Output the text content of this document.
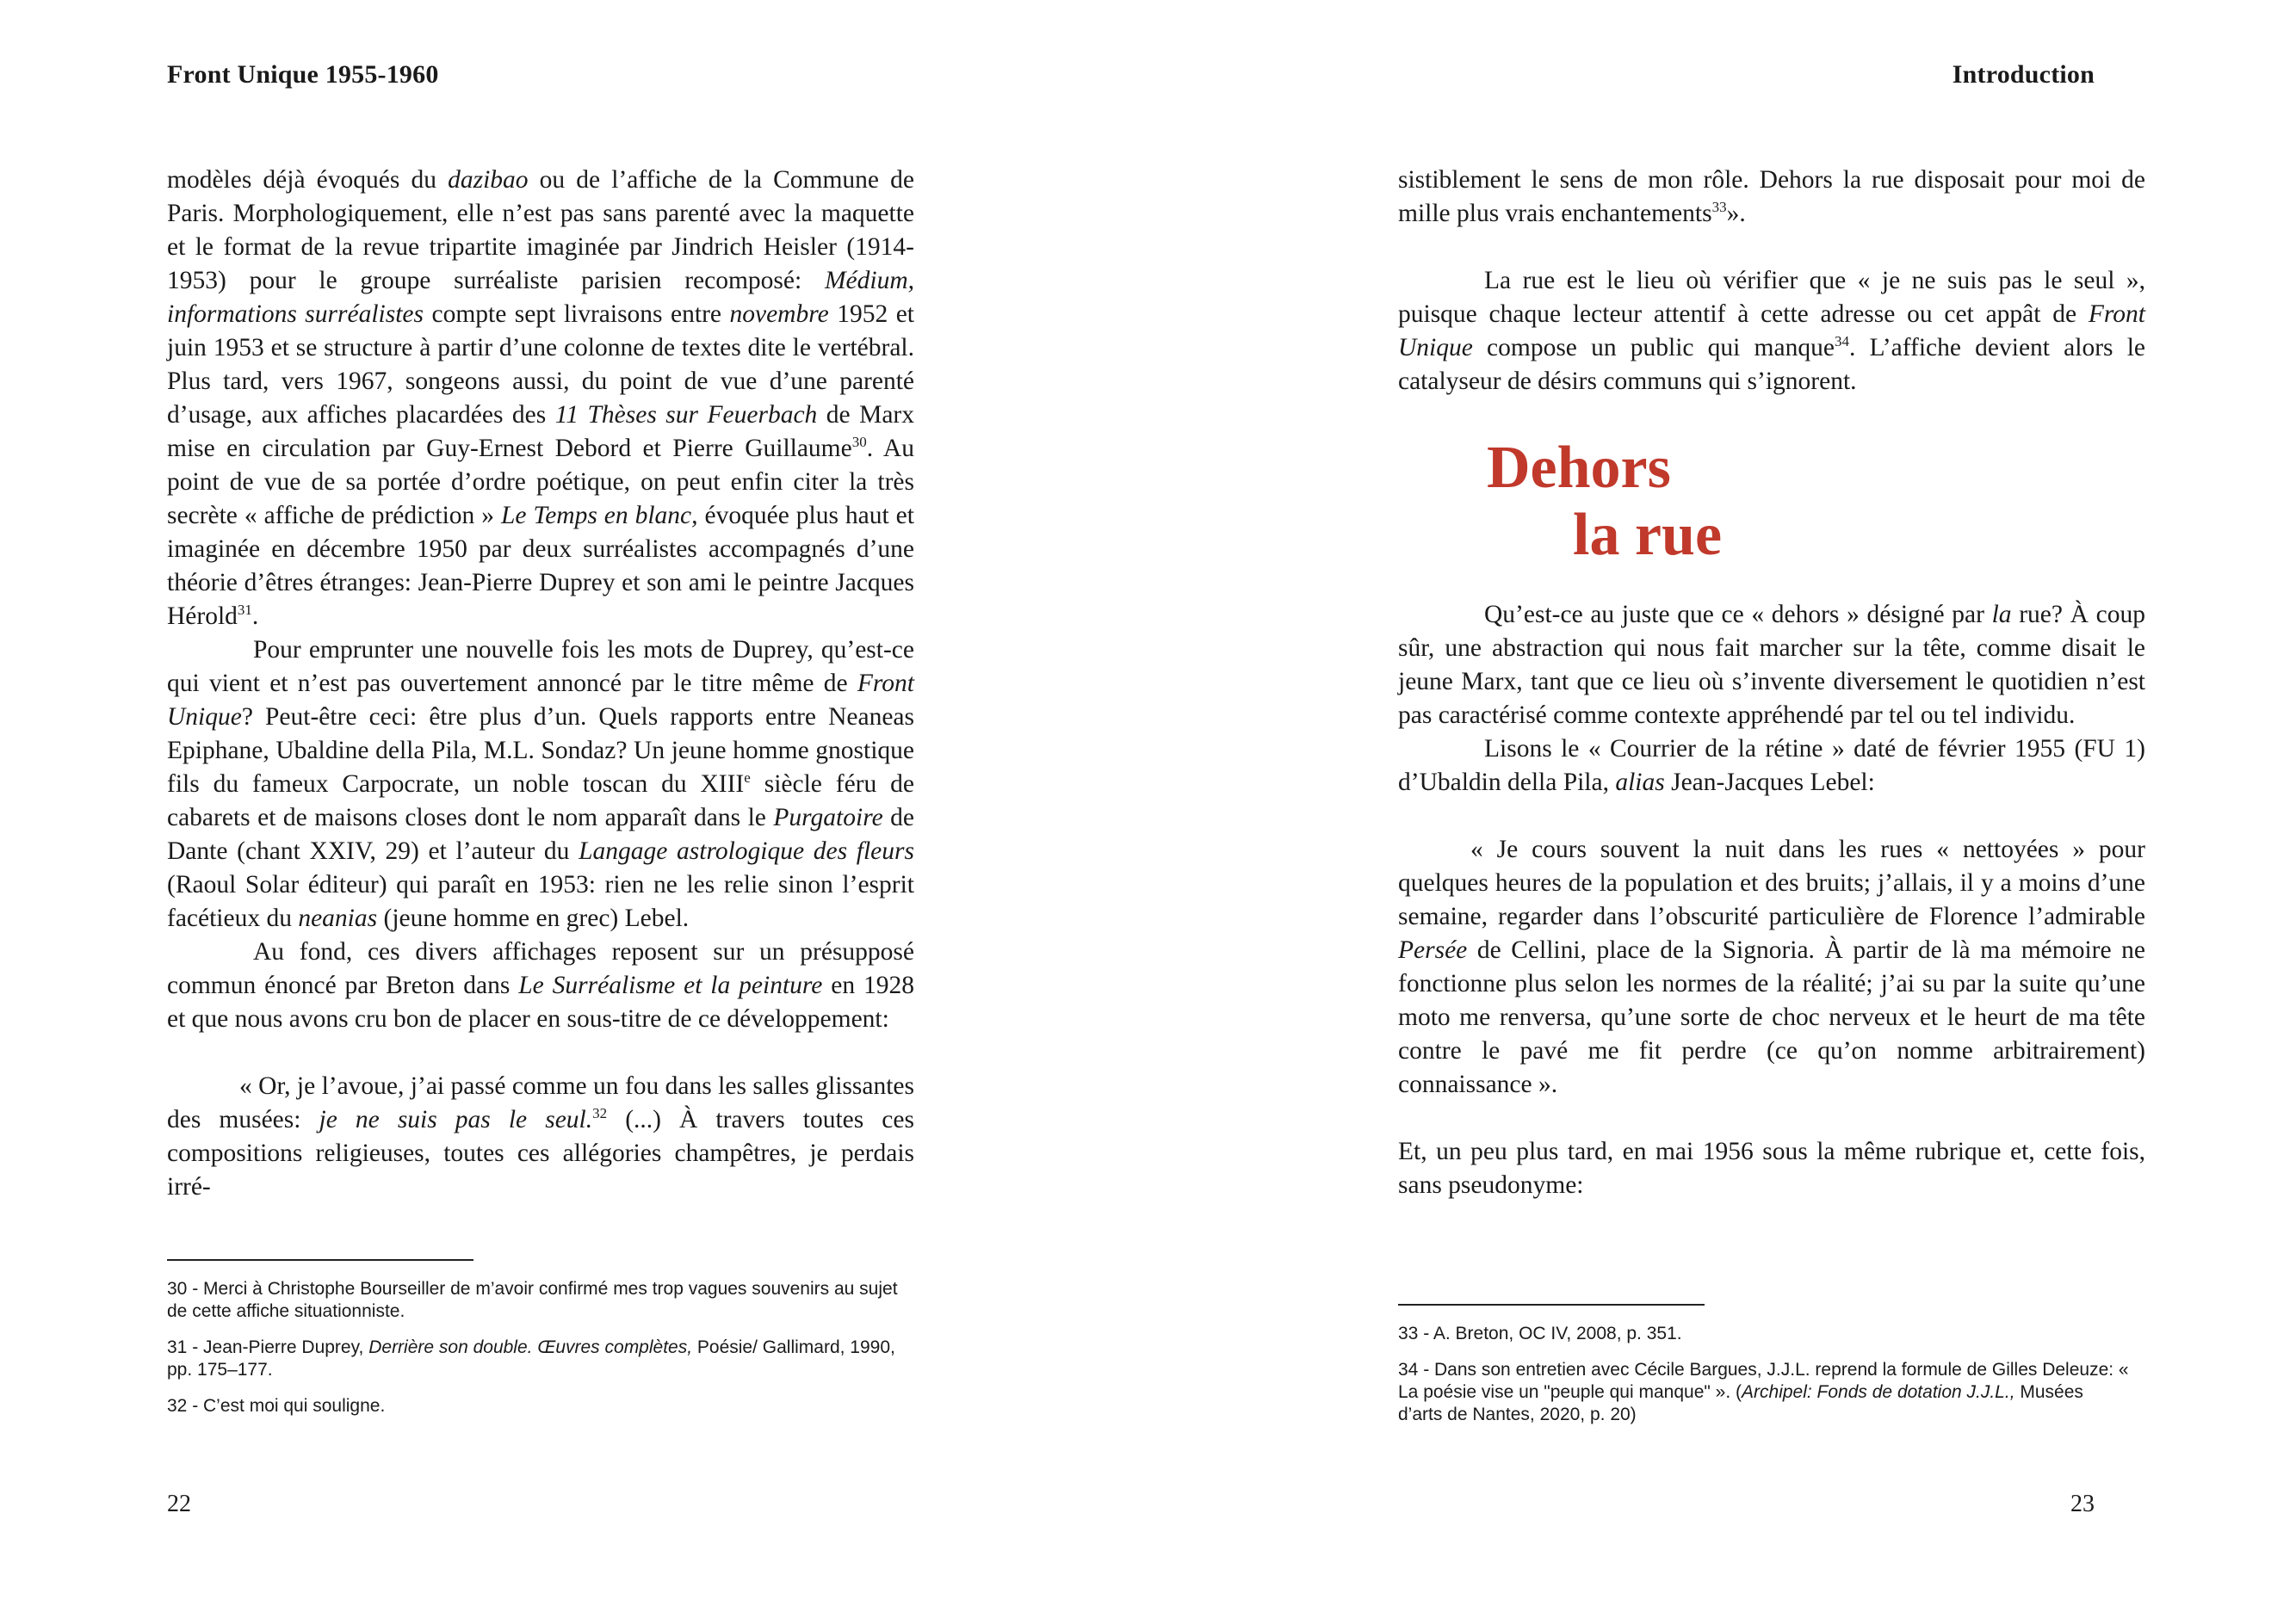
Front Unique 1955-1960

modèles déjà évoqués du dazibao ou de l’affiche de la Commune de Paris. Morphologiquement, elle n’est pas sans parenté avec la maquette et le format de la revue tripartite imaginée par Jindrich Heisler (1914-1953) pour le groupe surréaliste parisien recomposé: Médium, informations surréalistes compte sept livraisons entre novembre 1952 et juin 1953 et se structure à partir d’une colonne de textes dite le vertébral. Plus tard, vers 1967, songeons aussi, du point de vue d’une parenté d’usage, aux affiches placardées des 11 Thèses sur Feuerbach de Marx mise en circulation par Guy-Ernest Debord et Pierre Guillaume$^{30}$. Au point de vue de sa portée d’ordre poétique, on peut enfin citer la très secrète « affiche de prédiction » Le Temps en blanc, évoquée plus haut et imaginée en décembre 1950 par deux surréalistes accompagnés d’une théorie d’êtres étranges: Jean-Pierre Duprey et son ami le peintre Jacques Hérold$^{31}$.

Pour emprunter une nouvelle fois les mots de Duprey, qu’est-ce qui vient et n’est pas ouvertement annoncé par le titre même de Front Unique? Peut-être ceci: être plus d’un. Quels rapports entre Neaneas Epiphane, Ubaldine della Pila, M.L. Sondaz? Un jeune homme gnostique fils du fameux Carpocrate, un noble toscan du XIIIe siècle féru de cabarets et de maisons closes dont le nom apparaît dans le Purgatoire de Dante (chant XXIV, 29) et l’auteur du Langage astrologique des fleurs (Raoul Solar éditeur) qui paraît en 1953: rien ne les relie sinon l’esprit facétieux du neanias (jeune homme en grec) Lebel.

Au fond, ces divers affichages reposent sur un présupposé commun énoncé par Breton dans Le Surréalisme et la peinture en 1928 et que nous avons cru bon de placer en sous-titre de ce développement:

« Or, je l’avoue, j’ai passé comme un fou dans les salles glissantes des musées: je ne suis pas le seul.$^{32}$ (...) À travers toutes ces compositions religieuses, toutes ces allégories champêtres, je perdais irré-

30 - Merci à Christophe Bourseiller de m’avoir confirmé mes trop vagues souvenirs au sujet de cette affiche situationniste.

31 - Jean-Pierre Duprey, Derrière son double. Œuvres complètes, Poésie/ Gallimard, 1990, pp. 175–177.

32 - C’est moi qui souligne.

22
Introduction

sistiblement le sens de mon rôle. Dehors la rue disposait pour moi de mille plus vrais enchantements$^{33}$».

La rue est le lieu où vérifier que « je ne suis pas le seul », puisque chaque lecteur attentif à cette adresse ou cet appât de Front Unique compose un public qui manque$^{34}$. L’affiche devient alors le catalyseur de désirs communs qui s’ignorent.

Dehors
la rue

Qu’est-ce au juste que ce « dehors » désigné par la rue? À coup sûr, une abstraction qui nous fait marcher sur la tête, comme disait le jeune Marx, tant que ce lieu où s’invente diversement le quotidien n’est pas caractérisé comme contexte appréhendé par tel ou tel individu.

Lisons le « Courrier de la rétine » daté de février 1955 (FU 1) d’Ubaldin della Pila, alias Jean-Jacques Lebel:

« Je cours souvent la nuit dans les rues « nettoyées » pour quelques heures de la population et des bruits; j’allais, il y a moins d’une semaine, regarder dans l’obscurité particulière de Florence l’admirable Persée de Cellini, place de la Signoria. À partir de là ma mémoire ne fonctionne plus selon les normes de la réalité; j’ai su par la suite qu’une moto me renversa, qu’une sorte de choc nerveux et le heurt de ma tête contre le pavé me fit perdre (ce qu’on nomme arbitrairement) connaissance ».

Et, un peu plus tard, en mai 1956 sous la même rubrique et, cette fois, sans pseudonyme:

33 - A. Breton, OC IV, 2008, p. 351.

34 - Dans son entretien avec Cécile Bargues, J.J.L. reprend la formule de Gilles Deleuze: « La poésie vise un "peuple qui manque" ». (Archipel: Fonds de dotation J.J.L., Musées d’arts de Nantes, 2020, p. 20)

23
